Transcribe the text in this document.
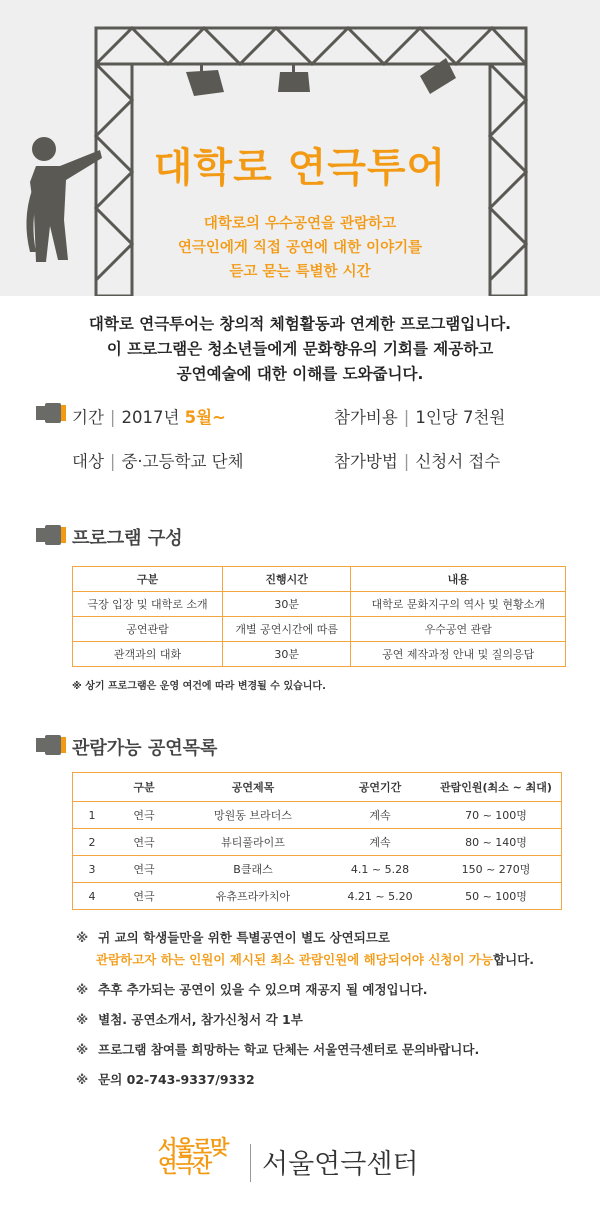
대학로 연극투어
대학로의 우수공연을 관람하고
연극인에게 직접 공연에 대한 이야기를
듣고 묻는 특별한 시간
대학로 연극투어는 창의적 체험활동과 연계한 프로그램입니다.
이 프로그램은 청소년들에게 문화향유의 기회를 제공하고
공연예술에 대한 이해를 도와줍니다.
기간 | 2017년 5월~	참가비용 | 1인당 7천원
대상 | 중·고등학교 단체	참가방법 | 신청서 접수
프로그램 구성
구분	진행시간	내용
극장 입장 및 대학로 소개	30분	대학로 문화지구의 역사 및 현황소개
공연관람	개별 공연시간에 따름	우수공연 관람
관객과의 대화	30분	공연 제작과정 안내 및 질의응답
※ 상기 프로그램은 운영 여건에 따라 변경될 수 있습니다.
관람가능 공연목록
	구분	공연제목	공연기간	관람인원(최소 ~ 최대)
1	연극	망원동 브라더스	계속	70 ~ 100명
2	연극	뷰티풀라이프	계속	80 ~ 140명
3	연극	B클래스	4.1 ~ 5.28	150 ~ 270명
4	연극	유츄프라카치아	4.21 ~ 5.20	50 ~ 100명
※ 귀 교의 학생들만을 위한 특별공연이 별도 상연되므로
관람하고자 하는 인원이 제시된 최소 관람인원에 해당되어야 신청이 가능합니다.
※ 추후 추가되는 공연이 있을 수 있으며 재공지 될 예정입니다.
※ 별첨. 공연소개서, 참가신청서 각 1부
※ 프로그램 참여를 희망하는 학교 단체는 서울연극센터로 문의바랍니다.
※ 문의 02-743-9337/9332
서울로맞
연극잔	서울연극센터
